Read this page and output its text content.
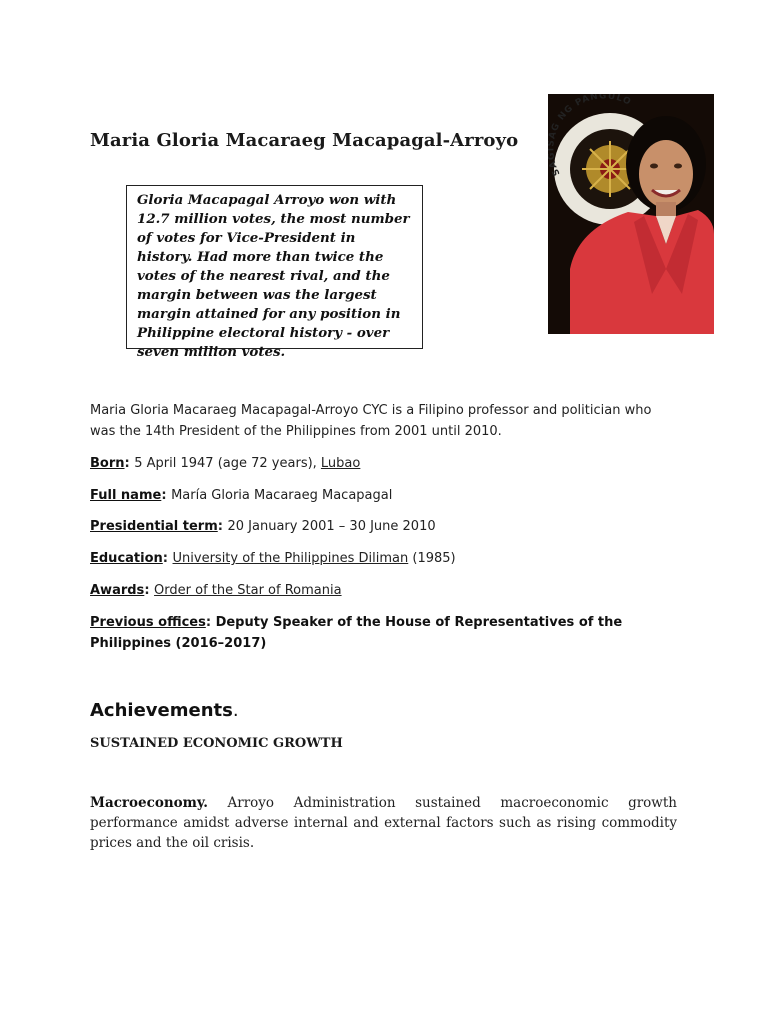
Maria Gloria Macaraeg Macapagal-Arroyo
SA AG NG PANGULO
Gloria Macapagal Arroyo won with 12.7 million votes, the most number of votes for Vice-President in history. Had more than twice the votes of the nearest rival, and the margin between was the largest margin attained for any position in Philippine electoral history - over seven million votes.
Maria Gloria Macaraeg Macapagal-Arroyo CYC is a Filipino professor and politician who was the 14th President of the Philippines from 2001 until 2010.
Born: 5 April 1947 (age 72 years), Lubao
Full name: María Gloria Macaraeg Macapagal
Presidential term: 20 January 2001 – 30 June 2010
Education: University of the Philippines Diliman (1985)
Awards: Order of the Star of Romania
Previous offices: Deputy Speaker of the House of Representatives of the Philippines (2016–2017)
Achievements.
SUSTAINED ECONOMIC GROWTH
Macroeconomy. Arroyo Administration sustained macroeconomic growth performance amidst adverse internal and external factors such as rising commodity prices and the oil crisis.
